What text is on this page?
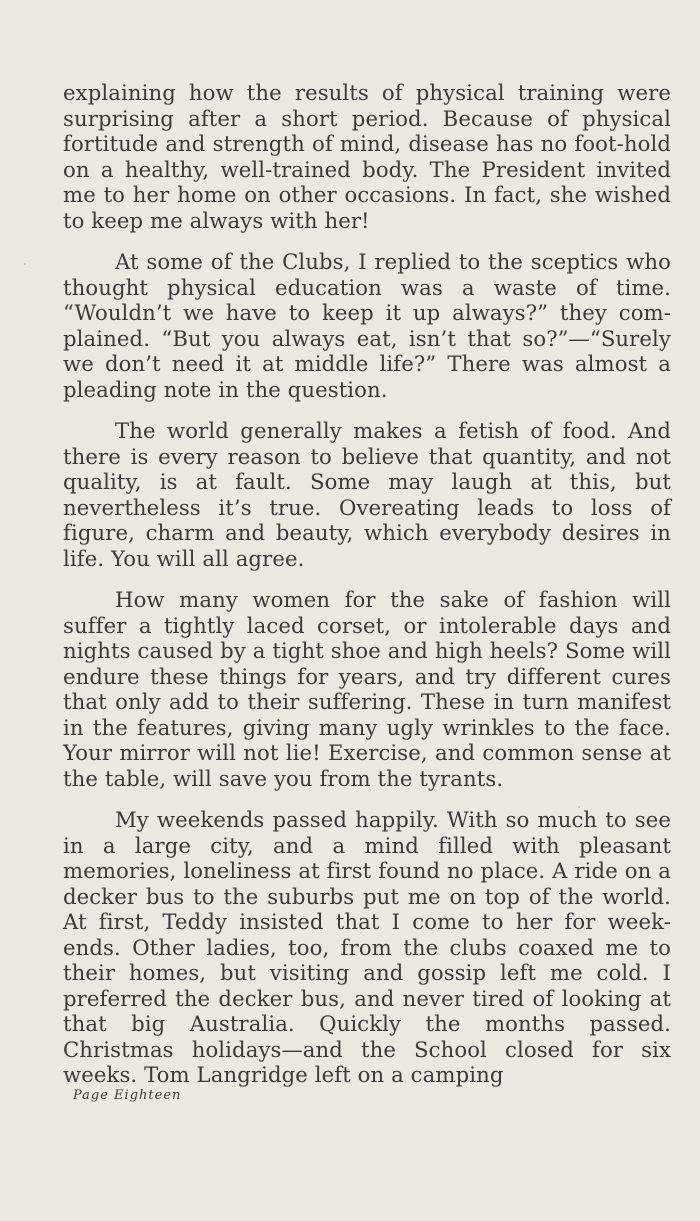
explaining how the results of physical training were surprising after a short period. Because of physical fortitude and strength of mind, disease has no foot-hold on a healthy, well-trained body. The President invited me to her home on other occasions. In fact, she wished to keep me always with her!

At some of the Clubs, I replied to the sceptics who thought physical education was a waste of time. “Wouldn’t we have to keep it up always?” they com-plained. “But you always eat, isn’t that so?”—“Surely we don’t need it at middle life?” There was almost a pleading note in the question.

The world generally makes a fetish of food. And there is every reason to believe that quantity, and not quality, is at fault. Some may laugh at this, but nevertheless it’s true. Overeating leads to loss of figure, charm and beauty, which everybody desires in life. You will all agree.

How many women for the sake of fashion will suffer a tightly laced corset, or intolerable days and nights caused by a tight shoe and high heels? Some will endure these things for years, and try different cures that only add to their suffering. These in turn manifest in the features, giving many ugly wrinkles to the face. Your mirror will not lie! Exercise, and common sense at the table, will save you from the tyrants.

My weekends passed happily. With so much to see in a large city, and a mind filled with pleasant memories, loneliness at first found no place. A ride on a decker bus to the suburbs put me on top of the world. At first, Teddy insisted that I come to her for week-ends. Other ladies, too, from the clubs coaxed me to their homes, but visiting and gossip left me cold. I preferred the decker bus, and never tired of looking at that big Australia. Quickly the months passed. Christmas holidays—and the School closed for six weeks. Tom Langridge left on a camping

Page Eighteen
